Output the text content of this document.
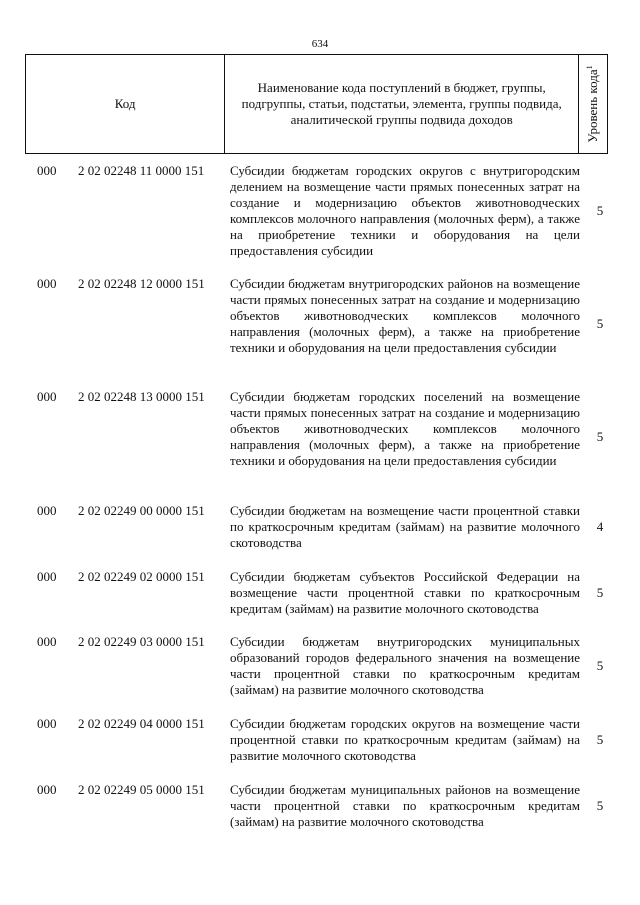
634
Код
Наименование кода поступлений в бюджет, группы, подгруппы, статьи, подстатьи, элемента, группы подвида, аналитической группы подвида доходов	Уровень кода$^1$
000 2 02 02248 11 0000 151 Субсидии бюджетам городских округов с внутригородским делением на возмещение части прямых понесенных затрат на создание и модернизацию объектов животноводческих комплексов молочного направления (молочных ферм), а также на приобретение техники и оборудования на цели предоставления субсидии
5
000 2 02 02248 12 0000 151 Субсидии бюджетам внутригородских районов на возмещение части прямых понесенных затрат на создание и модернизацию объектов животноводческих комплексов молочного направления (молочных ферм), а также на приобретение техники и оборудования на цели предоставления субсидии
5
000 2 02 02248 13 0000 151 Субсидии бюджетам городских поселений на возмещение части прямых понесенных затрат на создание и модернизацию объектов животноводческих комплексов молочного направления (молочных ферм), а также на приобретение техники и оборудования на цели предоставления субсидии
5
000 2 02 02249 00 0000 151 Субсидии бюджетам на возмещение части процентной ставки по краткосрочным кредитам (займам) на развитие молочного скотоводства
4
000 2 02 02249 02 0000 151 Субсидии бюджетам субъектов Российской Федерации на возмещение части процентной ставки по краткосрочным кредитам (займам) на развитие молочного скотоводства
5
000 2 02 02249 03 0000 151 Субсидии бюджетам внутригородских муниципальных образований городов федерального значения на возмещение части процентной ставки по краткосрочным кредитам (займам) на развитие молочного скотоводства
5
000 2 02 02249 04 0000 151 Субсидии бюджетам городских округов на возмещение части процентной ставки по краткосрочным кредитам (займам) на развитие молочного скотоводства
5
000 2 02 02249 05 0000 151 Субсидии бюджетам муниципальных районов на возмещение части процентной ставки по краткосрочным кредитам (займам) на развитие молочного скотоводства
5
